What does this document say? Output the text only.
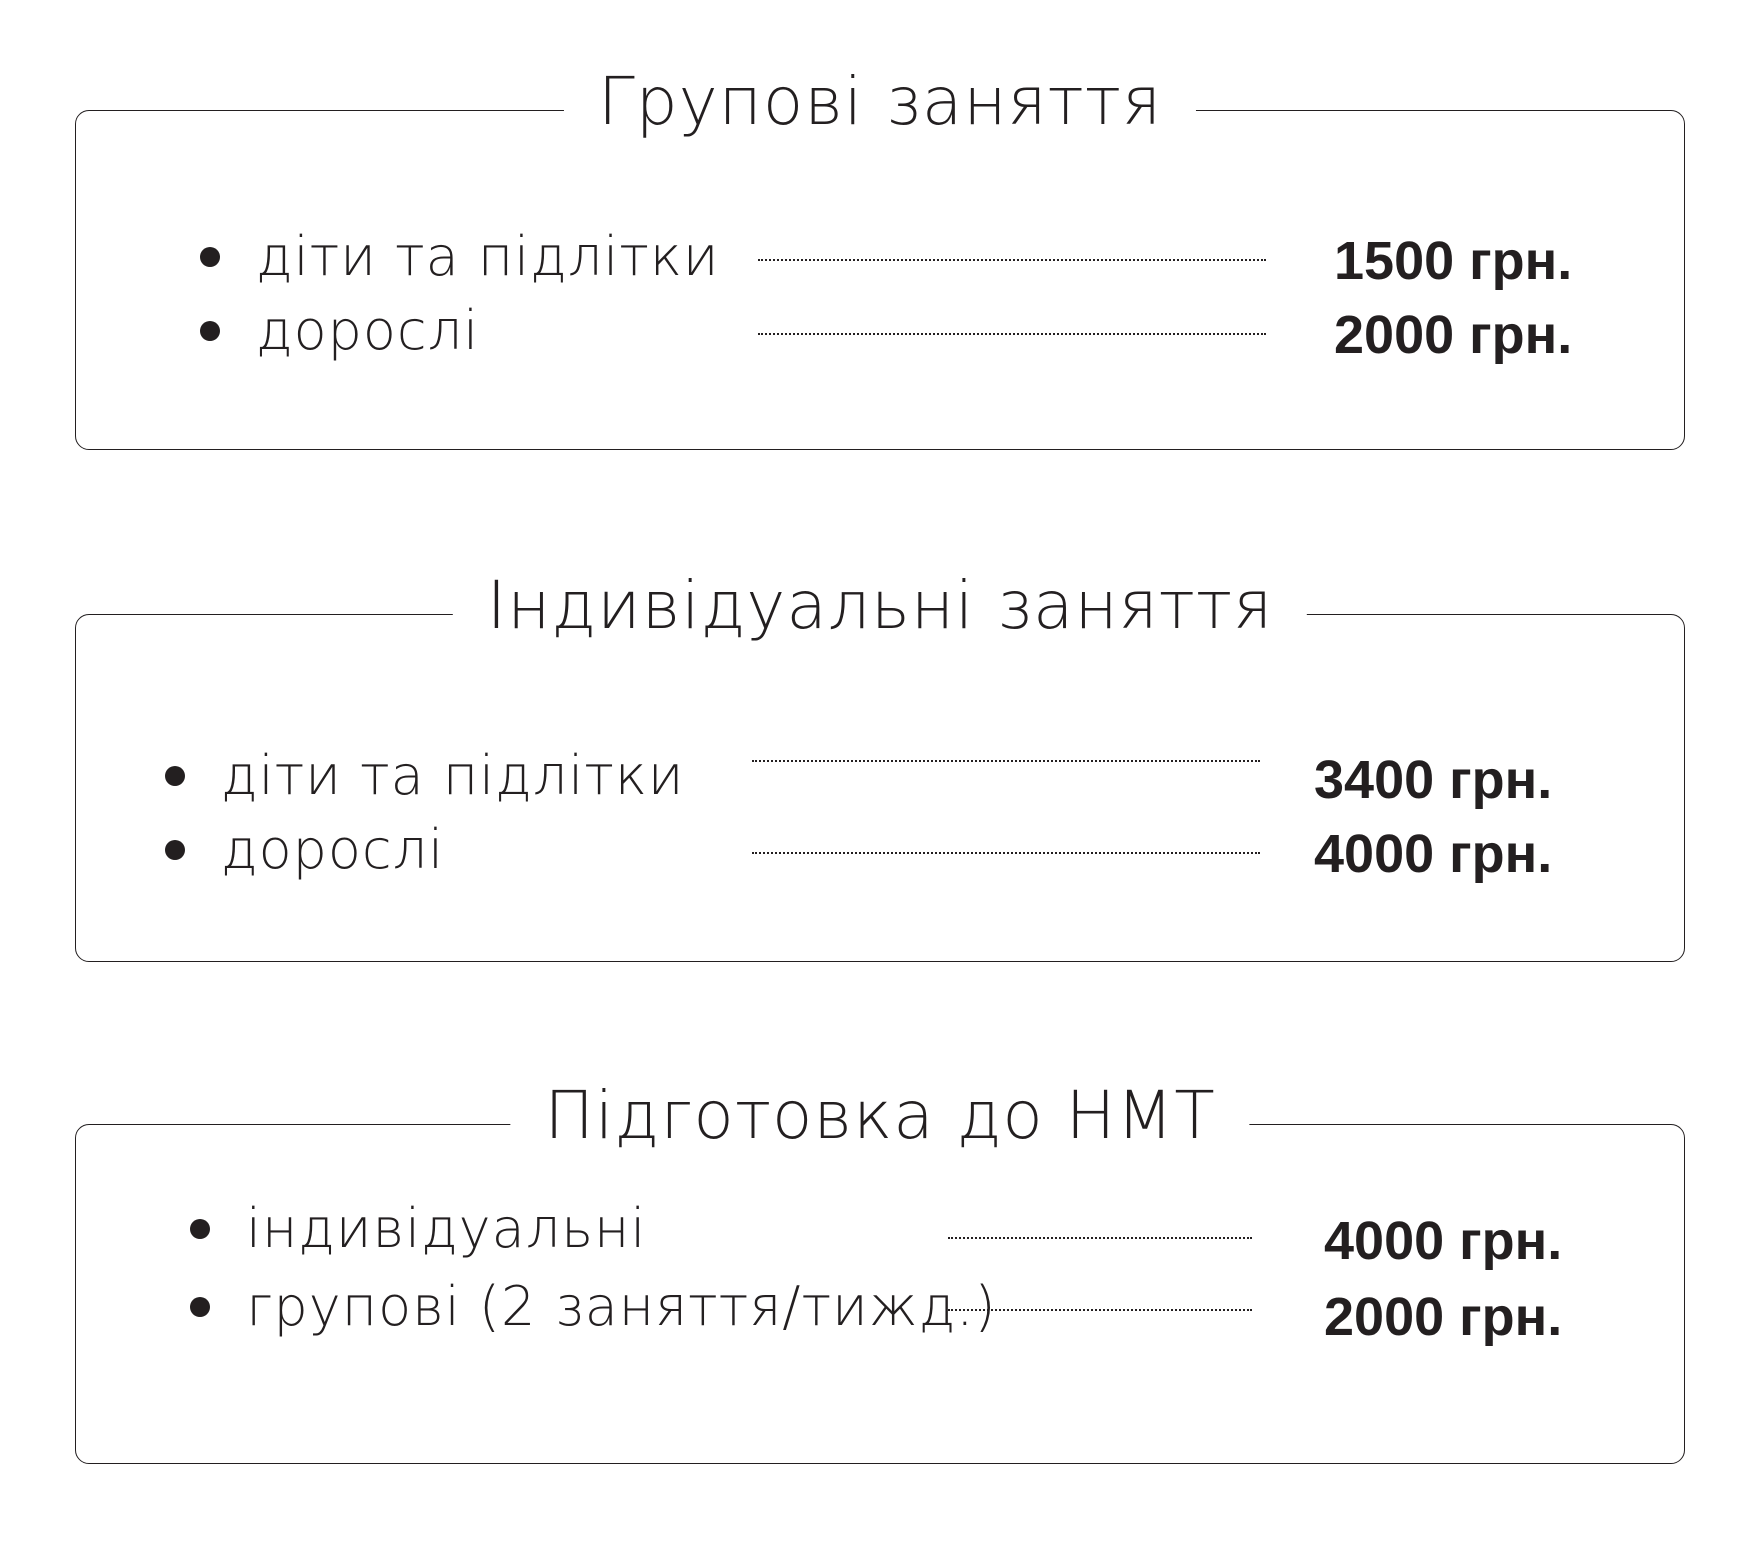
Групові заняття
діти та підлітки	1500 грн.
дорослі	2000 грн.
Індивідуальні заняття
діти та підлітки	3400 грн.
дорослі	4000 грн.
Підготовка до НМТ
індивідуальні	4000 грн.
групові (2 заняття/тижд.)	2000 грн.
